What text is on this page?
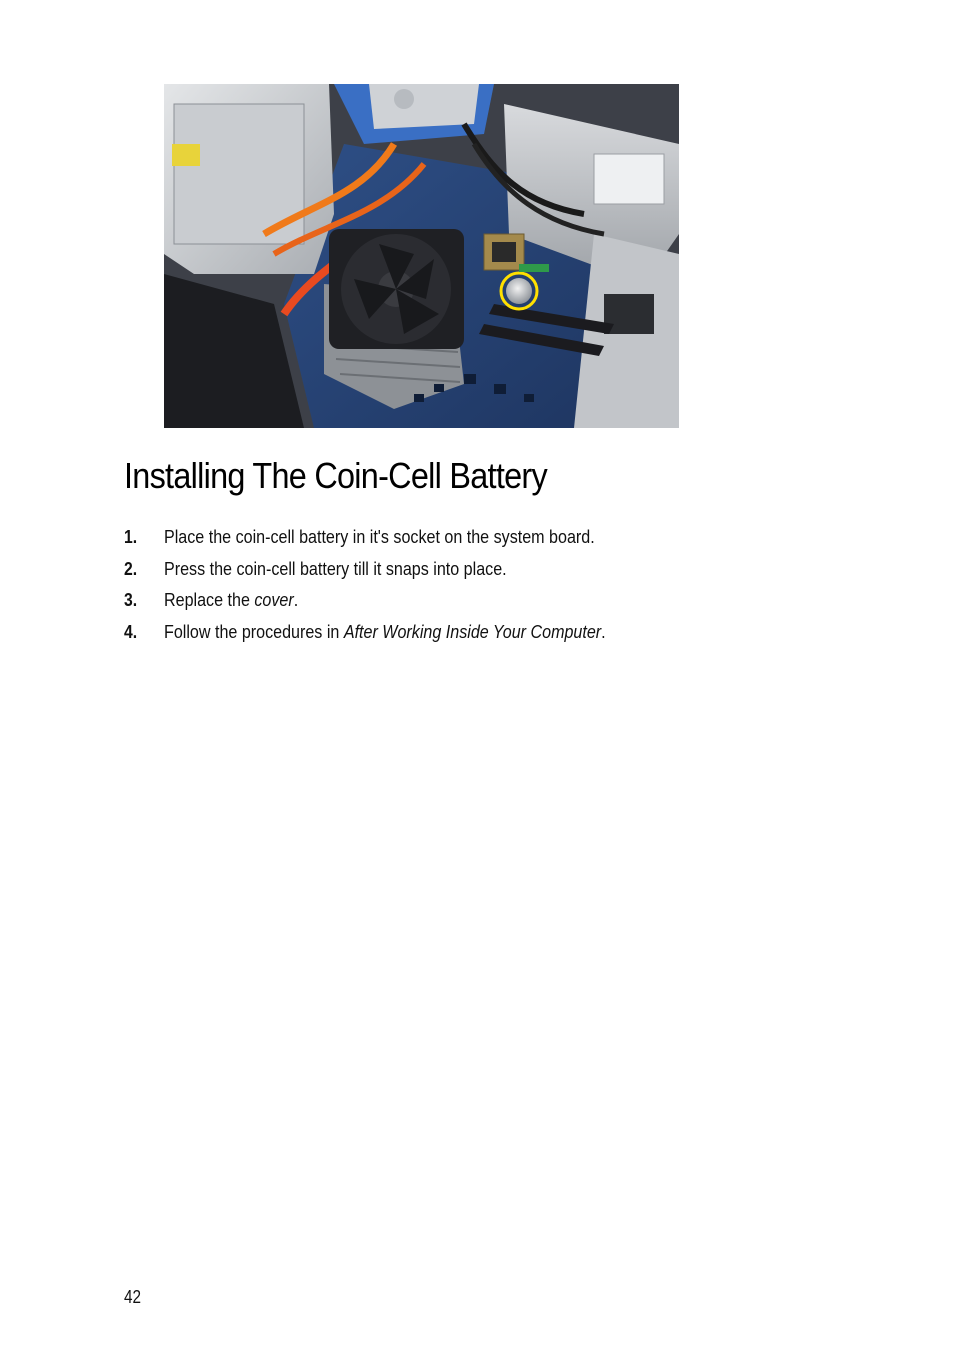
Installing The Coin-Cell Battery
1. Place the coin-cell battery in it's socket on the system board.
2. Press the coin-cell battery till it snaps into place.
3. Replace the cover.
4. Follow the procedures in After Working Inside Your Computer.
42
